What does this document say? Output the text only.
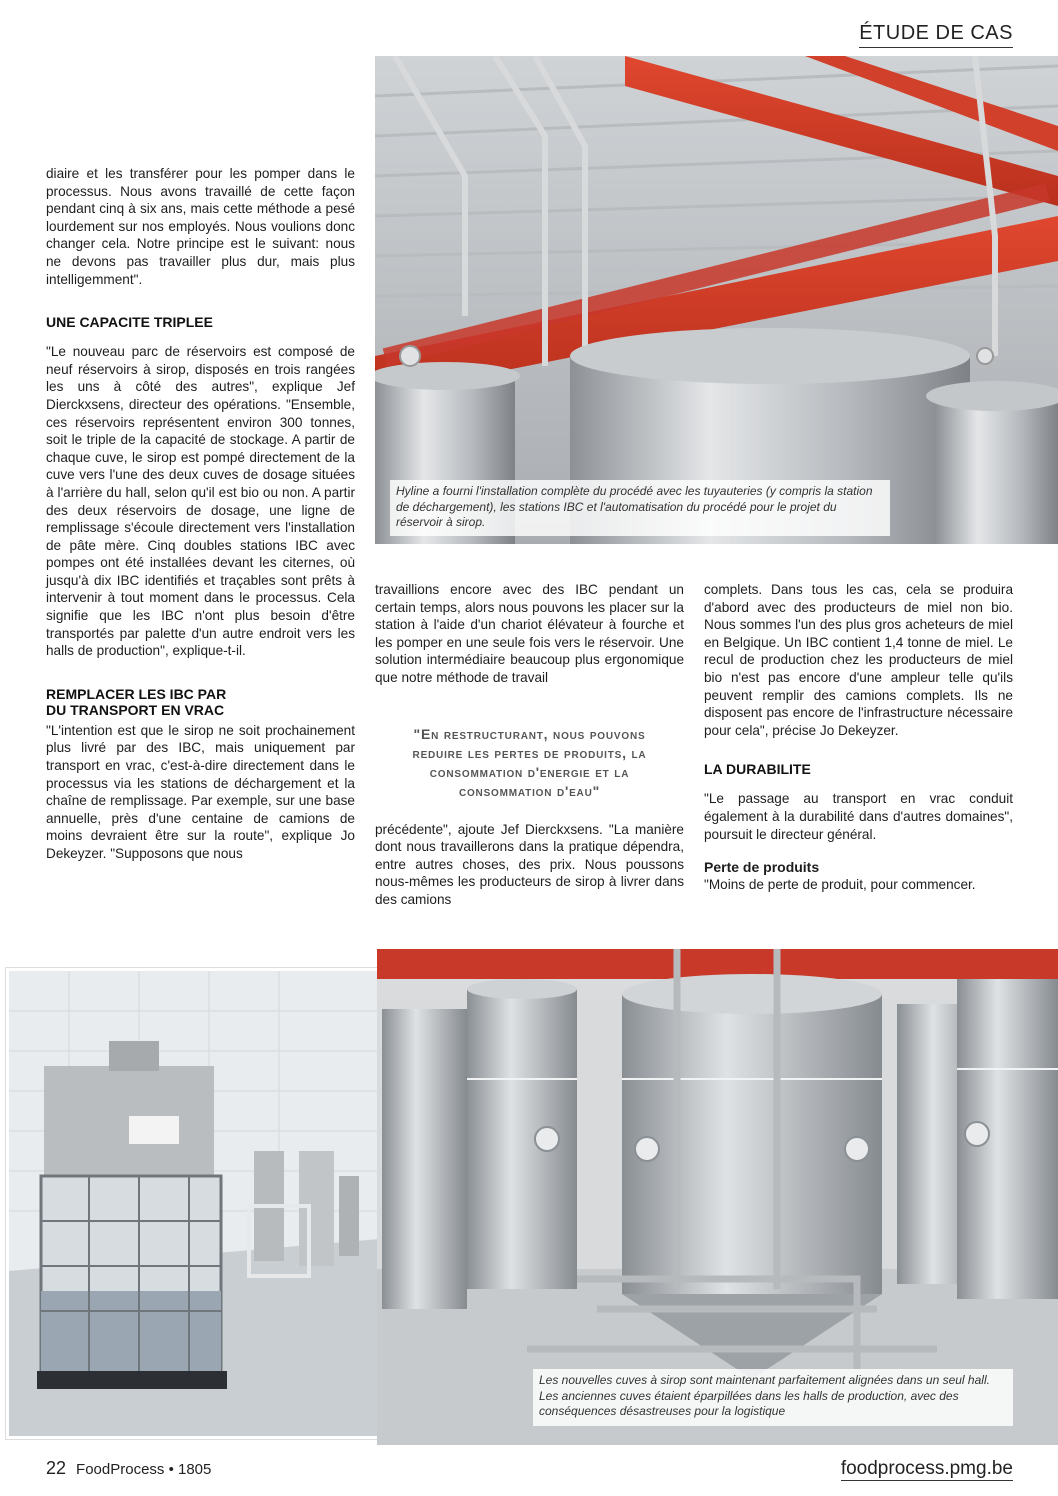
ÉTUDE DE CAS
Hyline a fourni l'installation complète du procédé avec les tuyauteries (y compris la station de déchargement), les stations IBC et l'automatisation du procédé pour le projet du réservoir à sirop.

diaire et les transférer pour les pomper dans le processus. Nous avons travaillé de cette façon pendant cinq à six ans, mais cette méthode a pesé lourdement sur nos employés. Nous voulions donc changer cela. Notre principe est le suivant: nous ne devons pas travailler plus dur, mais plus intelligemment".

UNE CAPACITE TRIPLEE

"Le nouveau parc de réservoirs est composé de neuf réservoirs à sirop, disposés en trois rangées les uns à côté des autres", explique Jef Dierckxsens, directeur des opérations. "Ensemble, ces réservoirs représentent environ 300 tonnes, soit le triple de la capacité de stockage. A partir de chaque cuve, le sirop est pompé directement de la cuve vers l'une des deux cuves de dosage situées à l'arrière du hall, selon qu'il est bio ou non. A partir des deux réservoirs de dosage, une ligne de remplissage s'écoule directement vers l'installation de pâte mère. Cinq doubles stations IBC avec pompes ont été installées devant les citernes, où jusqu'à dix IBC identifiés et traçables sont prêts à intervenir à tout moment dans le processus. Cela signifie que les IBC n'ont plus besoin d'être transportés par palette d'un autre endroit vers les halls de production", explique-t-il.

REMPLACER LES IBC PAR
DU TRANSPORT EN VRAC

"L'intention est que le sirop ne soit prochainement plus livré par des IBC, mais uniquement par transport en vrac, c'est-à-dire directement dans le processus via les stations de déchargement et la chaîne de remplissage. Par exemple, sur une base annuelle, près d'une centaine de camions de moins devraient être sur la route", explique Jo Dekeyzer. "Supposons que nous

travaillions encore avec des IBC pendant un certain temps, alors nous pouvons les placer sur la station à l'aide d'un chariot élévateur à fourche et les pomper en une seule fois vers le réservoir. Une solution intermédiaire beaucoup plus ergonomique que notre méthode de travail

"En restructurant, nous pouvons reduire les pertes de produits, la consommation d'energie et la consommation d'eau"

précédente", ajoute Jef Dierckxsens. "La manière dont nous travaillerons dans la pratique dépendra, entre autres choses, des prix. Nous poussons nous-mêmes les producteurs de sirop à livrer dans des camions

complets. Dans tous les cas, cela se produira d'abord avec des producteurs de miel non bio. Nous sommes l'un des plus gros acheteurs de miel en Belgique. Un IBC contient 1,4 tonne de miel. Le recul de production chez les producteurs de miel bio n'est pas encore d'une ampleur telle qu'ils peuvent remplir des camions complets. Ils ne disposent pas encore de l'infrastructure nécessaire pour cela", précise Jo Dekeyzer.

LA DURABILITE

"Le passage au transport en vrac conduit également à la durabilité dans d'autres domaines", poursuit le directeur général.

Perte de produits

"Moins de perte de produit, pour commencer.

Les nouvelles cuves à sirop sont maintenant parfaitement alignées dans un seul hall. Les anciennes cuves étaient éparpillées dans les halls de production, avec des conséquences désastreuses pour la logistique
22 FoodProcess • 1805	foodprocess.pmg.be
